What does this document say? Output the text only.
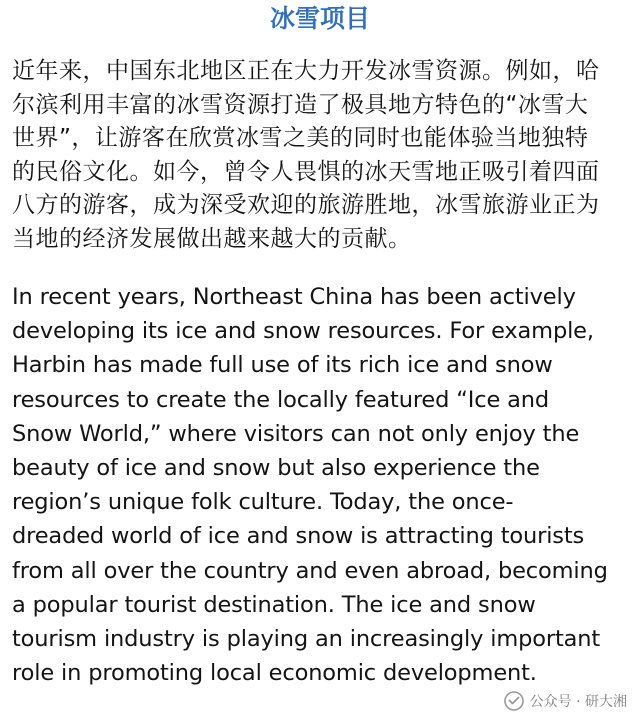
冰雪项目
近年来，中国东北地区正在大力开发冰雪资源。例如，哈
尔滨利用丰富的冰雪资源打造了极具地方特色的“冰雪大
世界”，让游客在欣赏冰雪之美的同时也能体验当地独特
的民俗文化。如今，曾令人畏惧的冰天雪地正吸引着四面
八方的游客，成为深受欢迎的旅游胜地，冰雪旅游业正为
当地的经济发展做出越来越大的贡献。
In recent years, Northeast China has been actively
developing its ice and snow resources. For example,
Harbin has made full use of its rich ice and snow
resources to create the locally featured “Ice and
Snow World,” where visitors can not only enjoy the
beauty of ice and snow but also experience the
region’s unique folk culture. Today, the once-
dreaded world of ice and snow is attracting tourists
from all over the country and even abroad, becoming
a popular tourist destination. The ice and snow
tourism industry is playing an increasingly important
role in promoting local economic development.
公众号 · 研大湘
